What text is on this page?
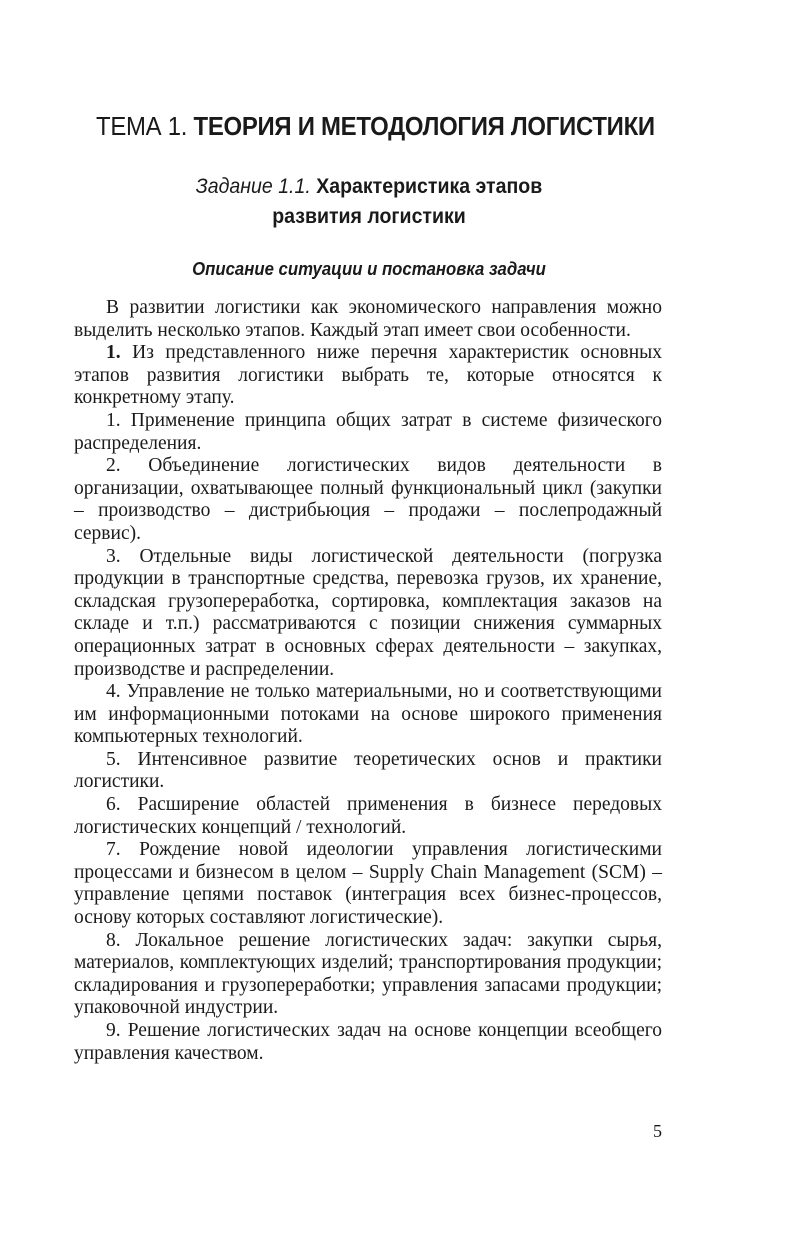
ТЕМА 1. ТЕОРИЯ И МЕТОДОЛОГИЯ ЛОГИСТИКИ
Задание 1.1. Характеристика этапов
развития логистики
Описание ситуации и постановка задачи

В развитии логистики как экономического направления можно выделить несколько этапов. Каждый этап имеет свои особенности.

1. Из представленного ниже перечня характеристик основных этапов развития логистики выбрать те, которые относятся к конкретному этапу.

1. Применение принципа общих затрат в системе физического распределения.

2. Объединение логистических видов деятельности в организации, охватывающее полный функциональный цикл (закупки – производство – дистрибьюция – продажи – послепродажный сервис).

3. Отдельные виды логистической деятельности (погрузка продукции в транспортные средства, перевозка грузов, их хранение, складская грузопереработка, сортировка, комплектация заказов на складе и т.п.) рассматриваются с позиции снижения суммарных операционных затрат в основных сферах деятельности – закупках, производстве и распределении.

4. Управление не только материальными, но и соответствующими им информационными потоками на основе широкого применения компьютерных технологий.

5. Интенсивное развитие теоретических основ и практики логистики.

6. Расширение областей применения в бизнесе передовых логистических концепций / технологий.

7. Рождение новой идеологии управления логистическими процессами и бизнесом в целом – Supply Chain Management (SCM) – управление цепями поставок (интеграция всех бизнес-процессов, основу которых составляют логистические).

8. Локальное решение логистических задач: закупки сырья, материалов, комплектующих изделий; транспортирования продукции; складирования и грузопереработки; управления запасами продукции; упаковочной индустрии.

9. Решение логистических задач на основе концепции всеобщего управления качеством.

5
